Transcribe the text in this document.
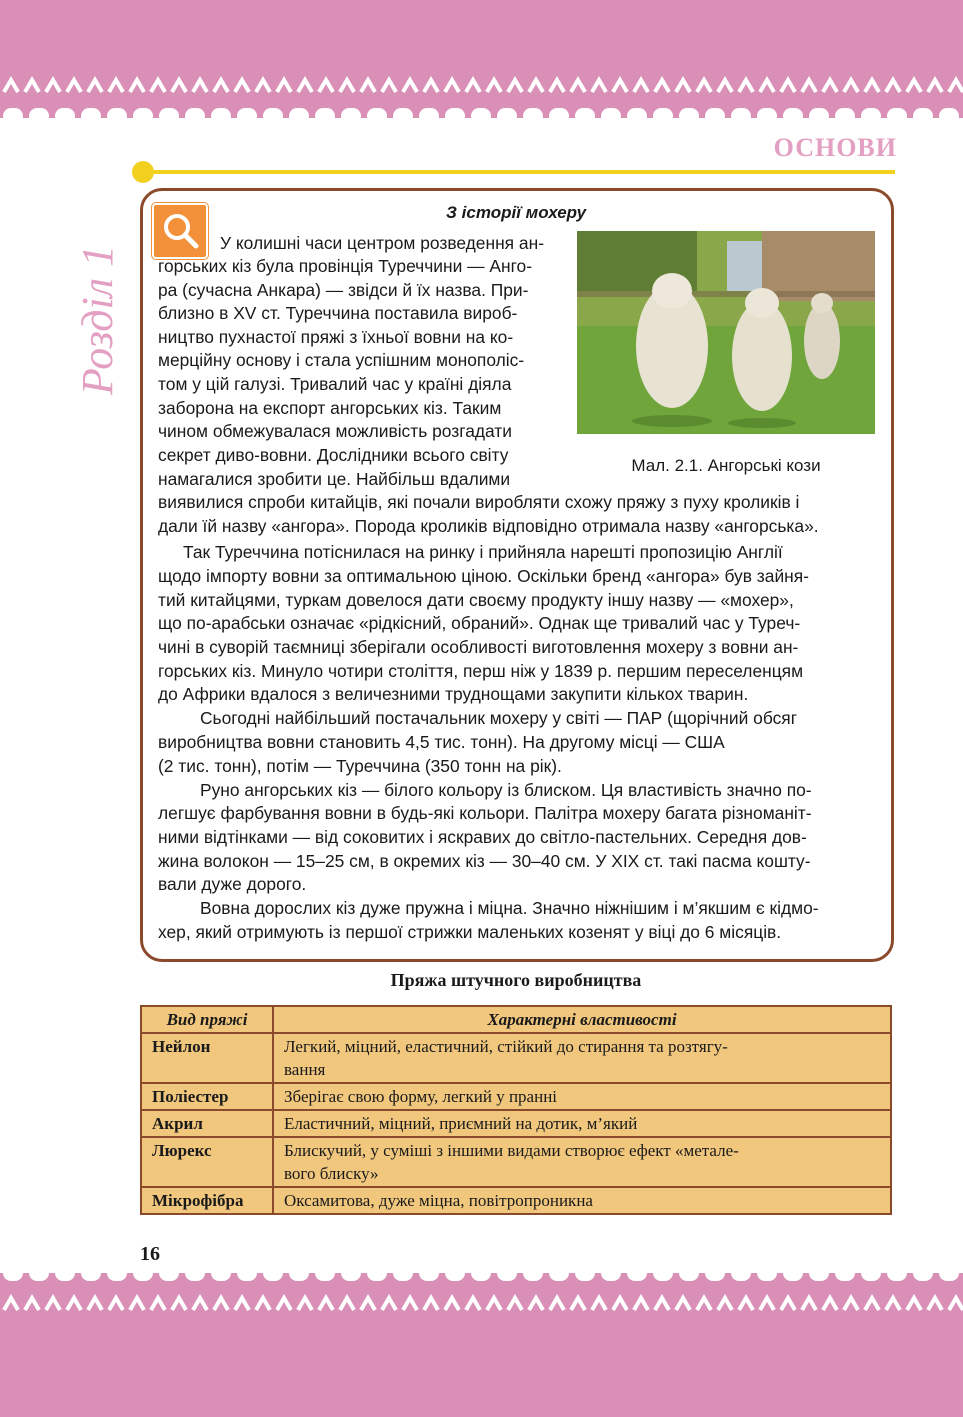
ОСНОВИ
Розділ 1
З історії мохеру
Мал. 2.1. Ангорські кози
У колишні часи центром розведення ан-
горських кіз була провінція Туреччини — Анго-
ра (сучасна Анкара) — звідси й їх назва. При-
близно в XV ст. Туреччина поставила вироб-
ництво пухнастої пряжі з їхньої вовни на ко-
мерційну основу і стала успішним монополіс-
том у цій галузі. Тривалий час у країні діяла
заборона на експорт ангорських кіз. Таким
чином обмежувалася можливість розгадати
секрет диво-вовни. Дослідники всього світу
намагалися зробити це. Найбільш вдалими
виявилися спроби китайців, які почали виробляти схожу пряжу з пуху кроликів і
дали їй назву «ангора». Порода кроликів відповідно отримала назву «ангорська».
Так Туреччина потіснилася на ринку і прийняла нарешті пропозицію Англії
щодо імпорту вовни за оптимальною ціною. Оскільки бренд «ангора» був зайня-
тий китайцями, туркам довелося дати своєму продукту іншу назву — «мохер»,
що по-арабськи означає «рідкісний, обраний». Однак ще тривалий час у Туреч-
чині в суворій таємниці зберігали особливості виготовлення мохеру з вовни ан-
горських кіз. Минуло чотири століття, перш ніж у 1839 р. першим переселенцям
до Африки вдалося з величезними труднощами закупити кількох тварин.
Сьогодні найбільший постачальник мохеру у світі — ПАР (щорічний обсяг
виробництва вовни становить 4,5 тис. тонн). На другому місці — США
(2 тис. тонн), потім — Туреччина (350 тонн на рік).
Руно ангорських кіз — білого кольору із блиском. Ця властивість значно по-
легшує фарбування вовни в будь-які кольори. Палітра мохеру багата різноманіт-
ними відтінками — від соковитих і яскравих до світло-пастельних. Середня дов-
жина волокон — 15–25 см, в окремих кіз — 30–40 см. У XIX ст. такі пасма кошту-
вали дуже дорого.
Вовна дорослих кіз дуже пружна і міцна. Значно ніжнішим і м’якшим є кідмо-
хер, який отримують із першої стрижки маленьких козенят у віці до 6 місяців.
Пряжа штучного виробництва
Вид пряжі	Характерні властивості
Нейлон	Легкий, міцний, еластичний, стійкий до стирання та розтягу-
вання

Поліестер	Зберігає свою форму, легкий у пранні
Акрил	Еластичний, міцний, приємний на дотик, м’який
Люрекс	Блискучий, у суміші з іншими видами створює ефект «метале-
вого блиску»

Мікрофібра	Оксамитова, дуже міцна, повітропроникна
16
